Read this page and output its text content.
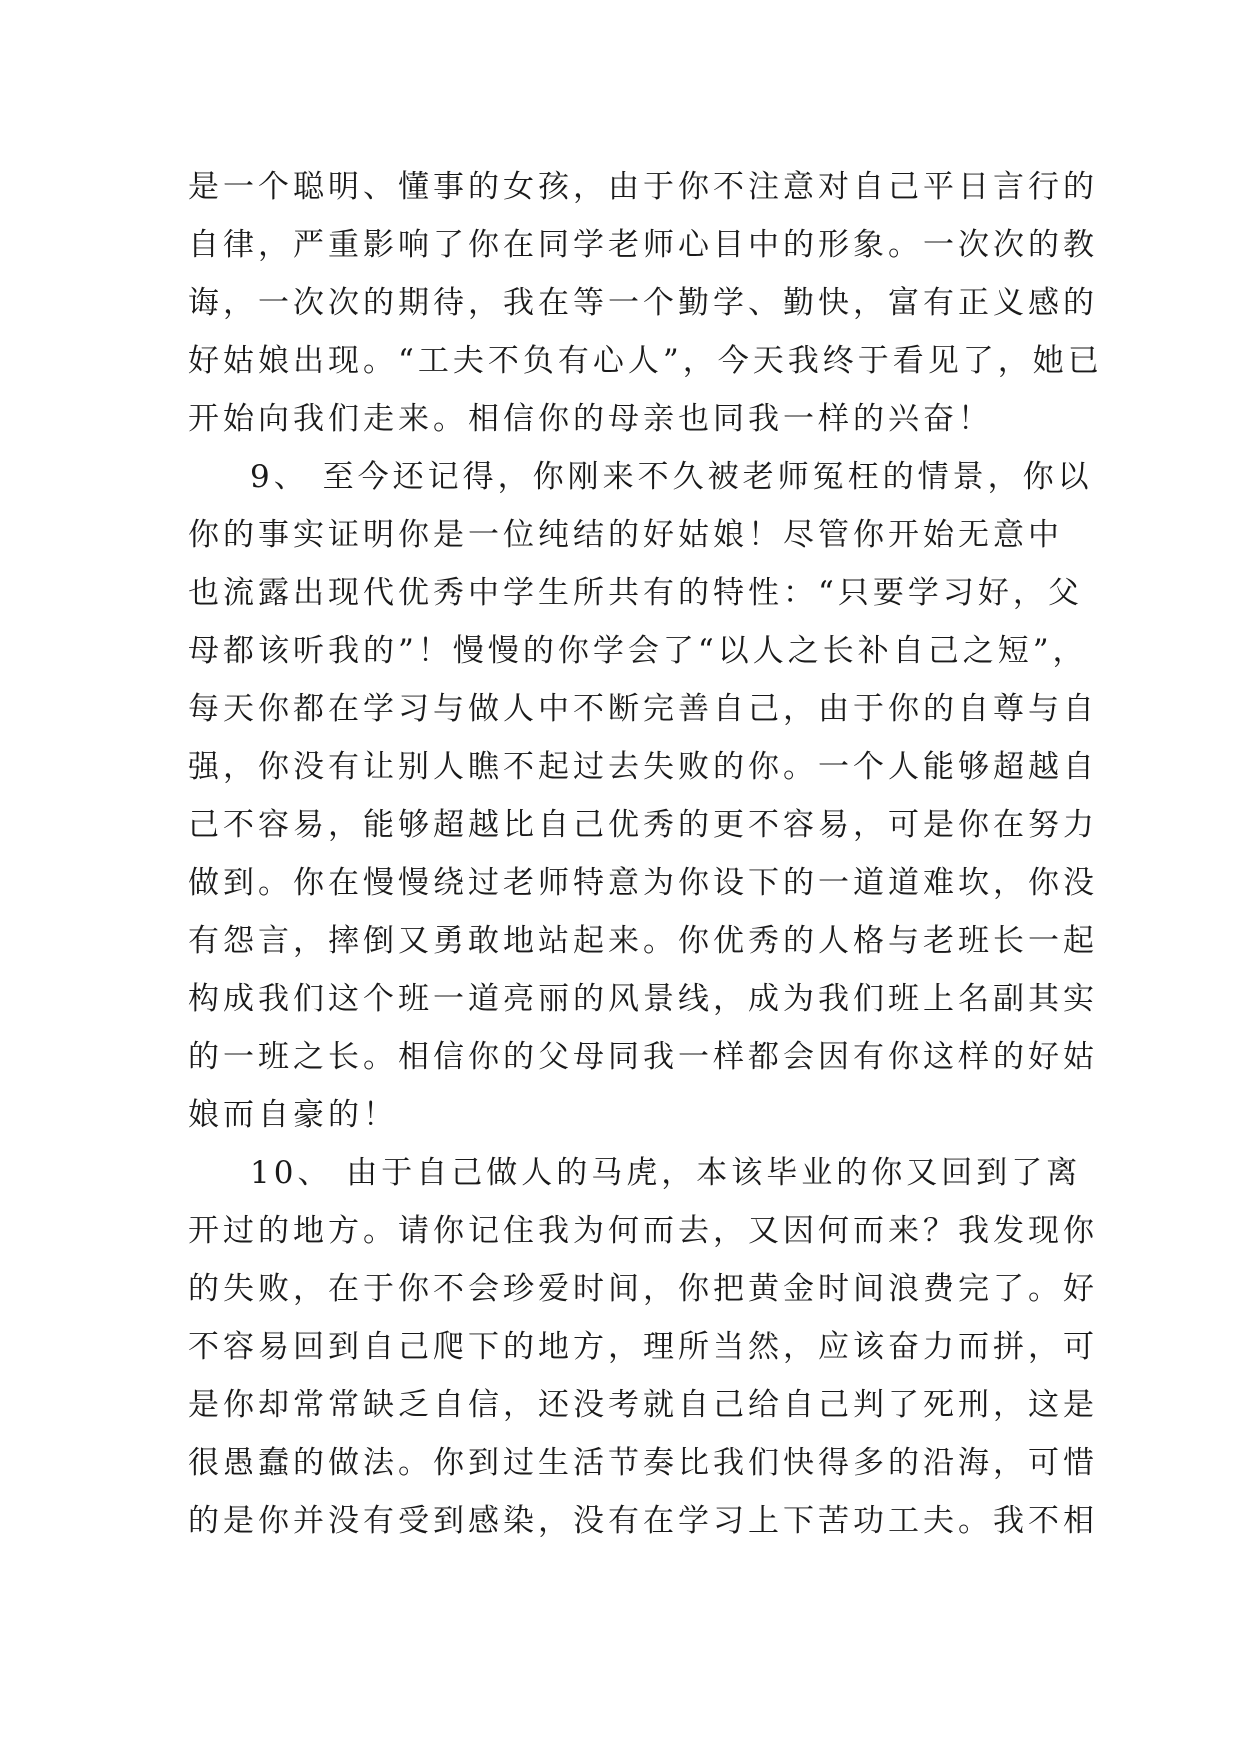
是一个聪明、懂事的女孩，由于你不注意对自己平日言行的
自律，严重影响了你在同学老师心目中的形象。一次次的教
诲，一次次的期待，我在等一个勤学、勤快，富有正义感的
好姑娘出现。“工夫不负有心人”，今天我终于看见了，她已
开始向我们走来。相信你的母亲也同我一样的兴奋！
9、 至今还记得，你刚来不久被老师冤枉的情景，你以
你的事实证明你是一位纯结的好姑娘！尽管你开始无意中
也流露出现代优秀中学生所共有的特性：“只要学习好，父
母都该听我的”！慢慢的你学会了“以人之长补自己之短”，
每天你都在学习与做人中不断完善自己，由于你的自尊与自
强，你没有让别人瞧不起过去失败的你。一个人能够超越自
己不容易，能够超越比自己优秀的更不容易，可是你在努力
做到。你在慢慢绕过老师特意为你设下的一道道难坎，你没
有怨言，摔倒又勇敢地站起来。你优秀的人格与老班长一起
构成我们这个班一道亮丽的风景线，成为我们班上名副其实
的一班之长。相信你的父母同我一样都会因有你这样的好姑
娘而自豪的！
10、 由于自己做人的马虎，本该毕业的你又回到了离
开过的地方。请你记住我为何而去，又因何而来？我发现你
的失败，在于你不会珍爱时间，你把黄金时间浪费完了。好
不容易回到自己爬下的地方，理所当然，应该奋力而拼，可
是你却常常缺乏自信，还没考就自己给自己判了死刑，这是
很愚蠢的做法。你到过生活节奏比我们快得多的沿海，可惜
的是你并没有受到感染，没有在学习上下苦功工夫。我不相
